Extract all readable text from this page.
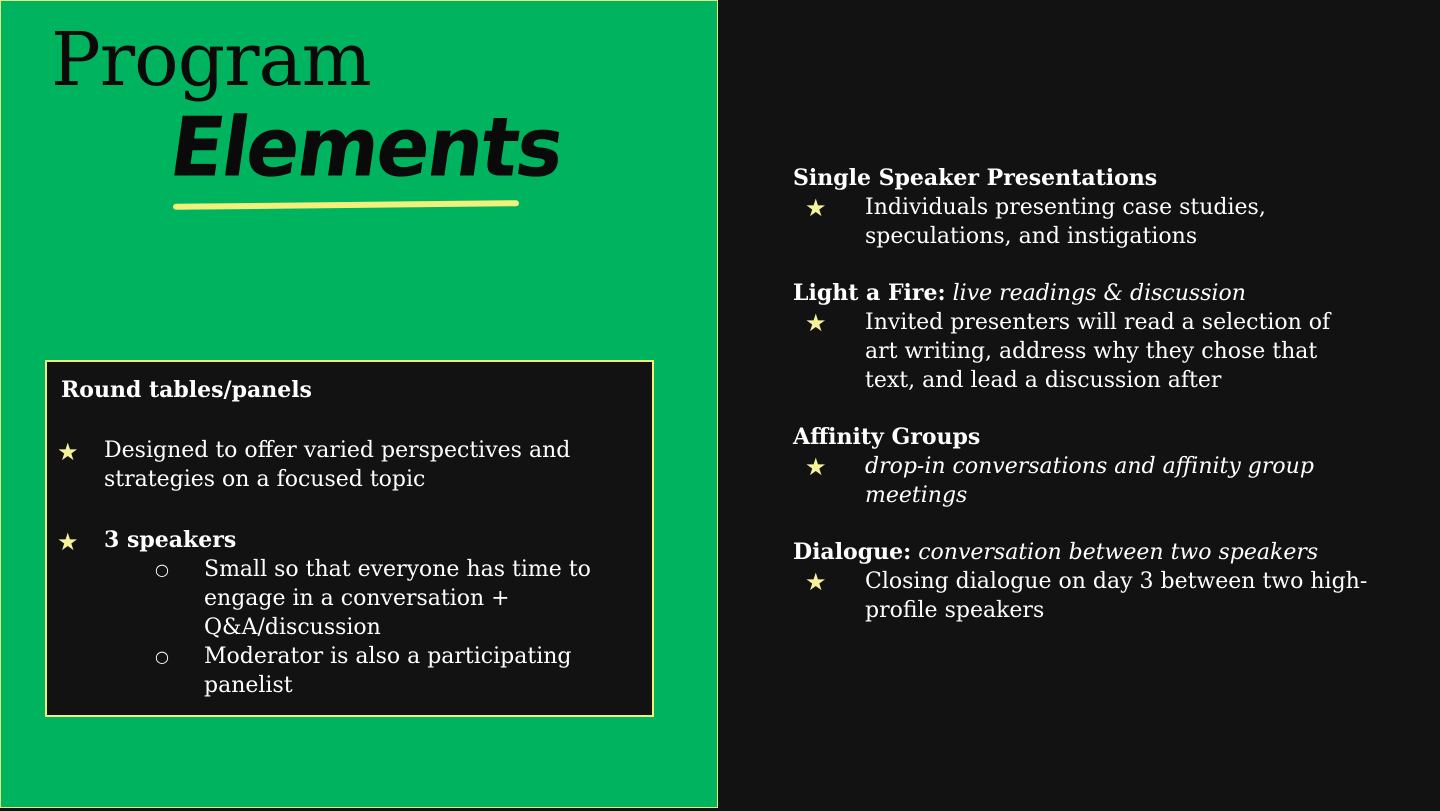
Program
Elements
Round tables/panels
★ Designed to offer varied perspectives and strategies on a focused topic
★ 3 speakers
○ Small so that everyone has time to engage in a conversation + Q&A/discussion
○ Moderator is also a participating panelist
Single Speaker Presentations
★ Individuals presenting case studies, speculations, and instigations
Light a Fire: live readings & discussion
★ Invited presenters will read a selection of art writing, address why they chose that text, and lead a discussion after
Affinity Groups
★ drop-in conversations and affinity group meetings
Dialogue: conversation between two speakers
★ Closing dialogue on day 3 between two high-profile speakers
